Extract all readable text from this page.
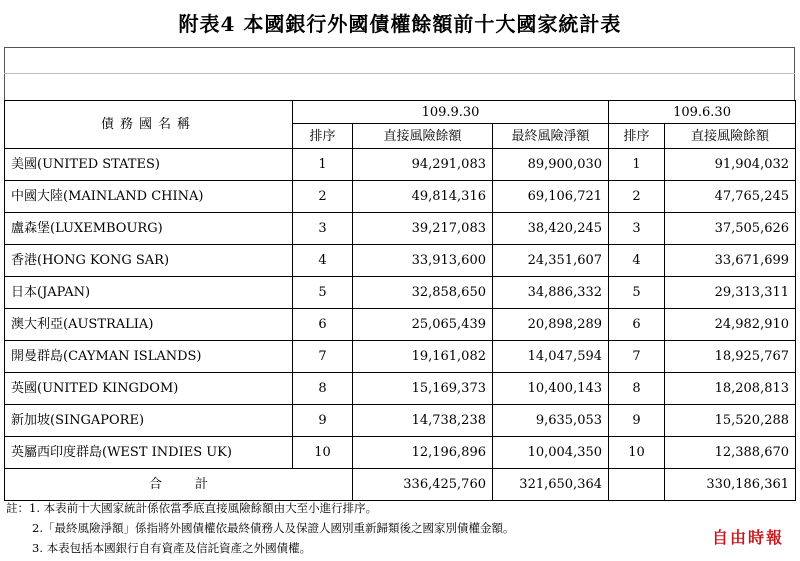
附表4 本國銀行外國債權餘額前十大國家統計表
債務國名稱	109.9.30			109.6.30	
	排序	直接風險餘額	最終風險淨額	排序	直接風險餘額
美國(UNITED STATES)	1	94,291,083	89,900,030	1	91,904,032
中國大陸(MAINLAND CHINA)	2	49,814,316	69,106,721	2	47,765,245
盧森堡(LUXEMBOURG)	3	39,217,083	38,420,245	3	37,505,626
香港(HONG KONG SAR)	4	33,913,600	24,351,607	4	33,671,699
日本(JAPAN)	5	32,858,650	34,886,332	5	29,313,311
澳大利亞(AUSTRALIA)	6	25,065,439	20,898,289	6	24,982,910
開曼群島(CAYMAN ISLANDS)	7	19,161,082	14,047,594	7	18,925,767
英國(UNITED KINGDOM)	8	15,169,373	10,400,143	8	18,208,813
新加坡(SINGAPORE)	9	14,738,238	9,635,053	9	15,520,288
英屬西印度群島(WEST INDIES UK)	10	12,196,896	10,004,350	10	12,388,670
合        計		336,425,760	321,650,364		330,186,361
註：1. 本表前十大國家統計係依當季底直接風險餘額由大至小進行排序。
2.「最終風險淨額」係指將外國債權依最終債務人及保證人國別重新歸類後之國家別債權金額。
3. 本表包括本國銀行自有資產及信託資產之外國債權。
自由時報
